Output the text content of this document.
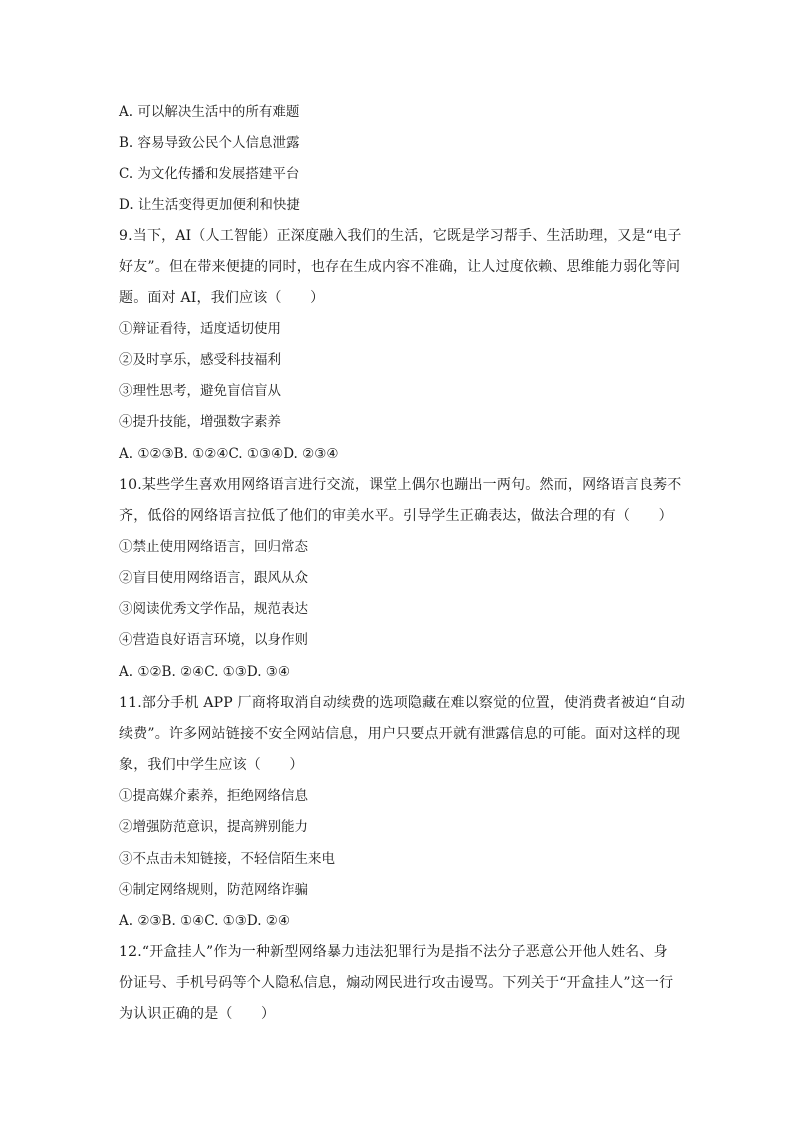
A. 可以解决生活中的所有难题
B. 容易导致公民个人信息泄露
C. 为文化传播和发展搭建平台
D. 让生活变得更加便利和快捷
9.当下，AI（人工智能）正深度融入我们的生活，它既是学习帮手、生活助理，又是“电子
好友”。但在带来便捷的同时，也存在生成内容不准确，让人过度依赖、思维能力弱化等问
题。面对 AI，我们应该（　　）
①辩证看待，适度适切使用
②及时享乐，感受科技福利
③理性思考，避免盲信盲从
④提升技能，增强数字素养
A. ①②③B. ①②④C. ①③④D. ②③④
10.某些学生喜欢用网络语言进行交流，课堂上偶尔也蹦出一两句。然而，网络语言良莠不
齐，低俗的网络语言拉低了他们的审美水平。引导学生正确表达，做法合理的有（　　）
①禁止使用网络语言，回归常态
②盲目使用网络语言，跟风从众
③阅读优秀文学作品，规范表达
④营造良好语言环境，以身作则
A. ①②B. ②④C. ①③D. ③④
11.部分手机 APP 厂商将取消自动续费的选项隐藏在难以察觉的位置，使消费者被迫“自动
续费”。许多网站链接不安全网站信息，用户只要点开就有泄露信息的可能。面对这样的现
象，我们中学生应该（　　）
①提高媒介素养，拒绝网络信息
②增强防范意识，提高辨别能力
③不点击未知链接，不轻信陌生来电
④制定网络规则，防范网络诈骗
A. ②③B. ①④C. ①③D. ②④
12.“开盒挂人”作为一种新型网络暴力违法犯罪行为是指不法分子恶意公开他人姓名、身
份证号、手机号码等个人隐私信息，煽动网民进行攻击谩骂。下列关于“开盒挂人”这一行
为认识正确的是（　　）
